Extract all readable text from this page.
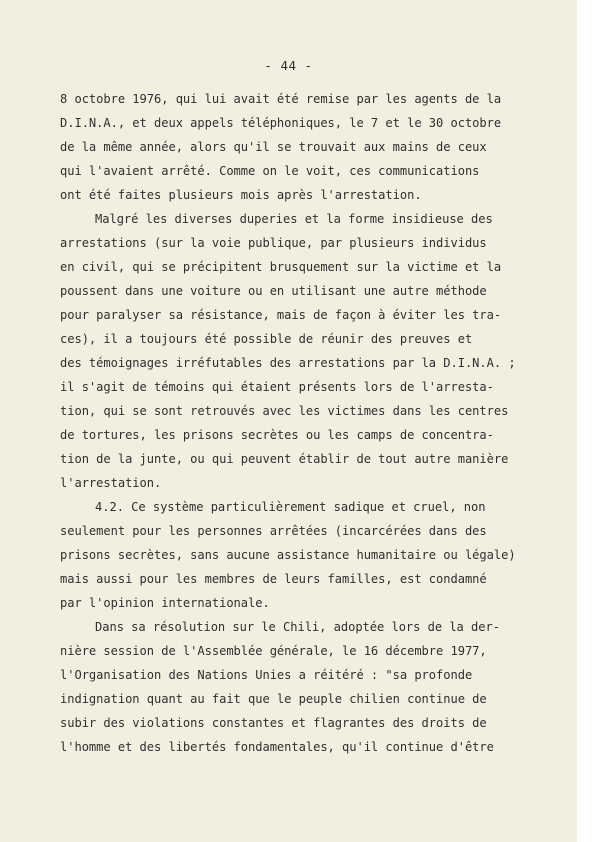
- 44 -
8 octobre 1976, qui lui avait été remise par les agents de la
D.I.N.A., et deux appels téléphoniques, le 7 et le 30 octobre
de la même année, alors qu'il se trouvait aux mains de ceux
qui l'avaient arrêté. Comme on le voit, ces communications
ont été faites plusieurs mois après l'arrestation.
Malgré les diverses duperies et la forme insidieuse des
arrestations (sur la voie publique, par plusieurs individus
en civil, qui se précipitent brusquement sur la victime et la
poussent dans une voiture ou en utilisant une autre méthode
pour paralyser sa résistance, mais de façon à éviter les tra-
ces), il a toujours été possible de réunir des preuves et
des témoignages irréfutables des arrestations par la D.I.N.A. ;
il s'agit de témoins qui étaient présents lors de l'arresta-
tion, qui se sont retrouvés avec les victimes dans les centres
de tortures, les prisons secrètes ou les camps de concentra-
tion de la junte, ou qui peuvent établir de tout autre manière
l'arrestation.
4.2. Ce système particulièrement sadique et cruel, non
seulement pour les personnes arrêtées (incarcérées dans des
prisons secrètes, sans aucune assistance humanitaire ou légale)
mais aussi pour les membres de leurs familles, est condamné
par l'opinion internationale.
Dans sa résolution sur le Chili, adoptée lors de la der-
nière session de l'Assemblée générale, le 16 décembre 1977,
l'Organisation des Nations Unies a réitéré : "sa profonde
indignation quant au fait que le peuple chilien continue de
subir des violations constantes et flagrantes des droits de
l'homme et des libertés fondamentales, qu'il continue d'être
